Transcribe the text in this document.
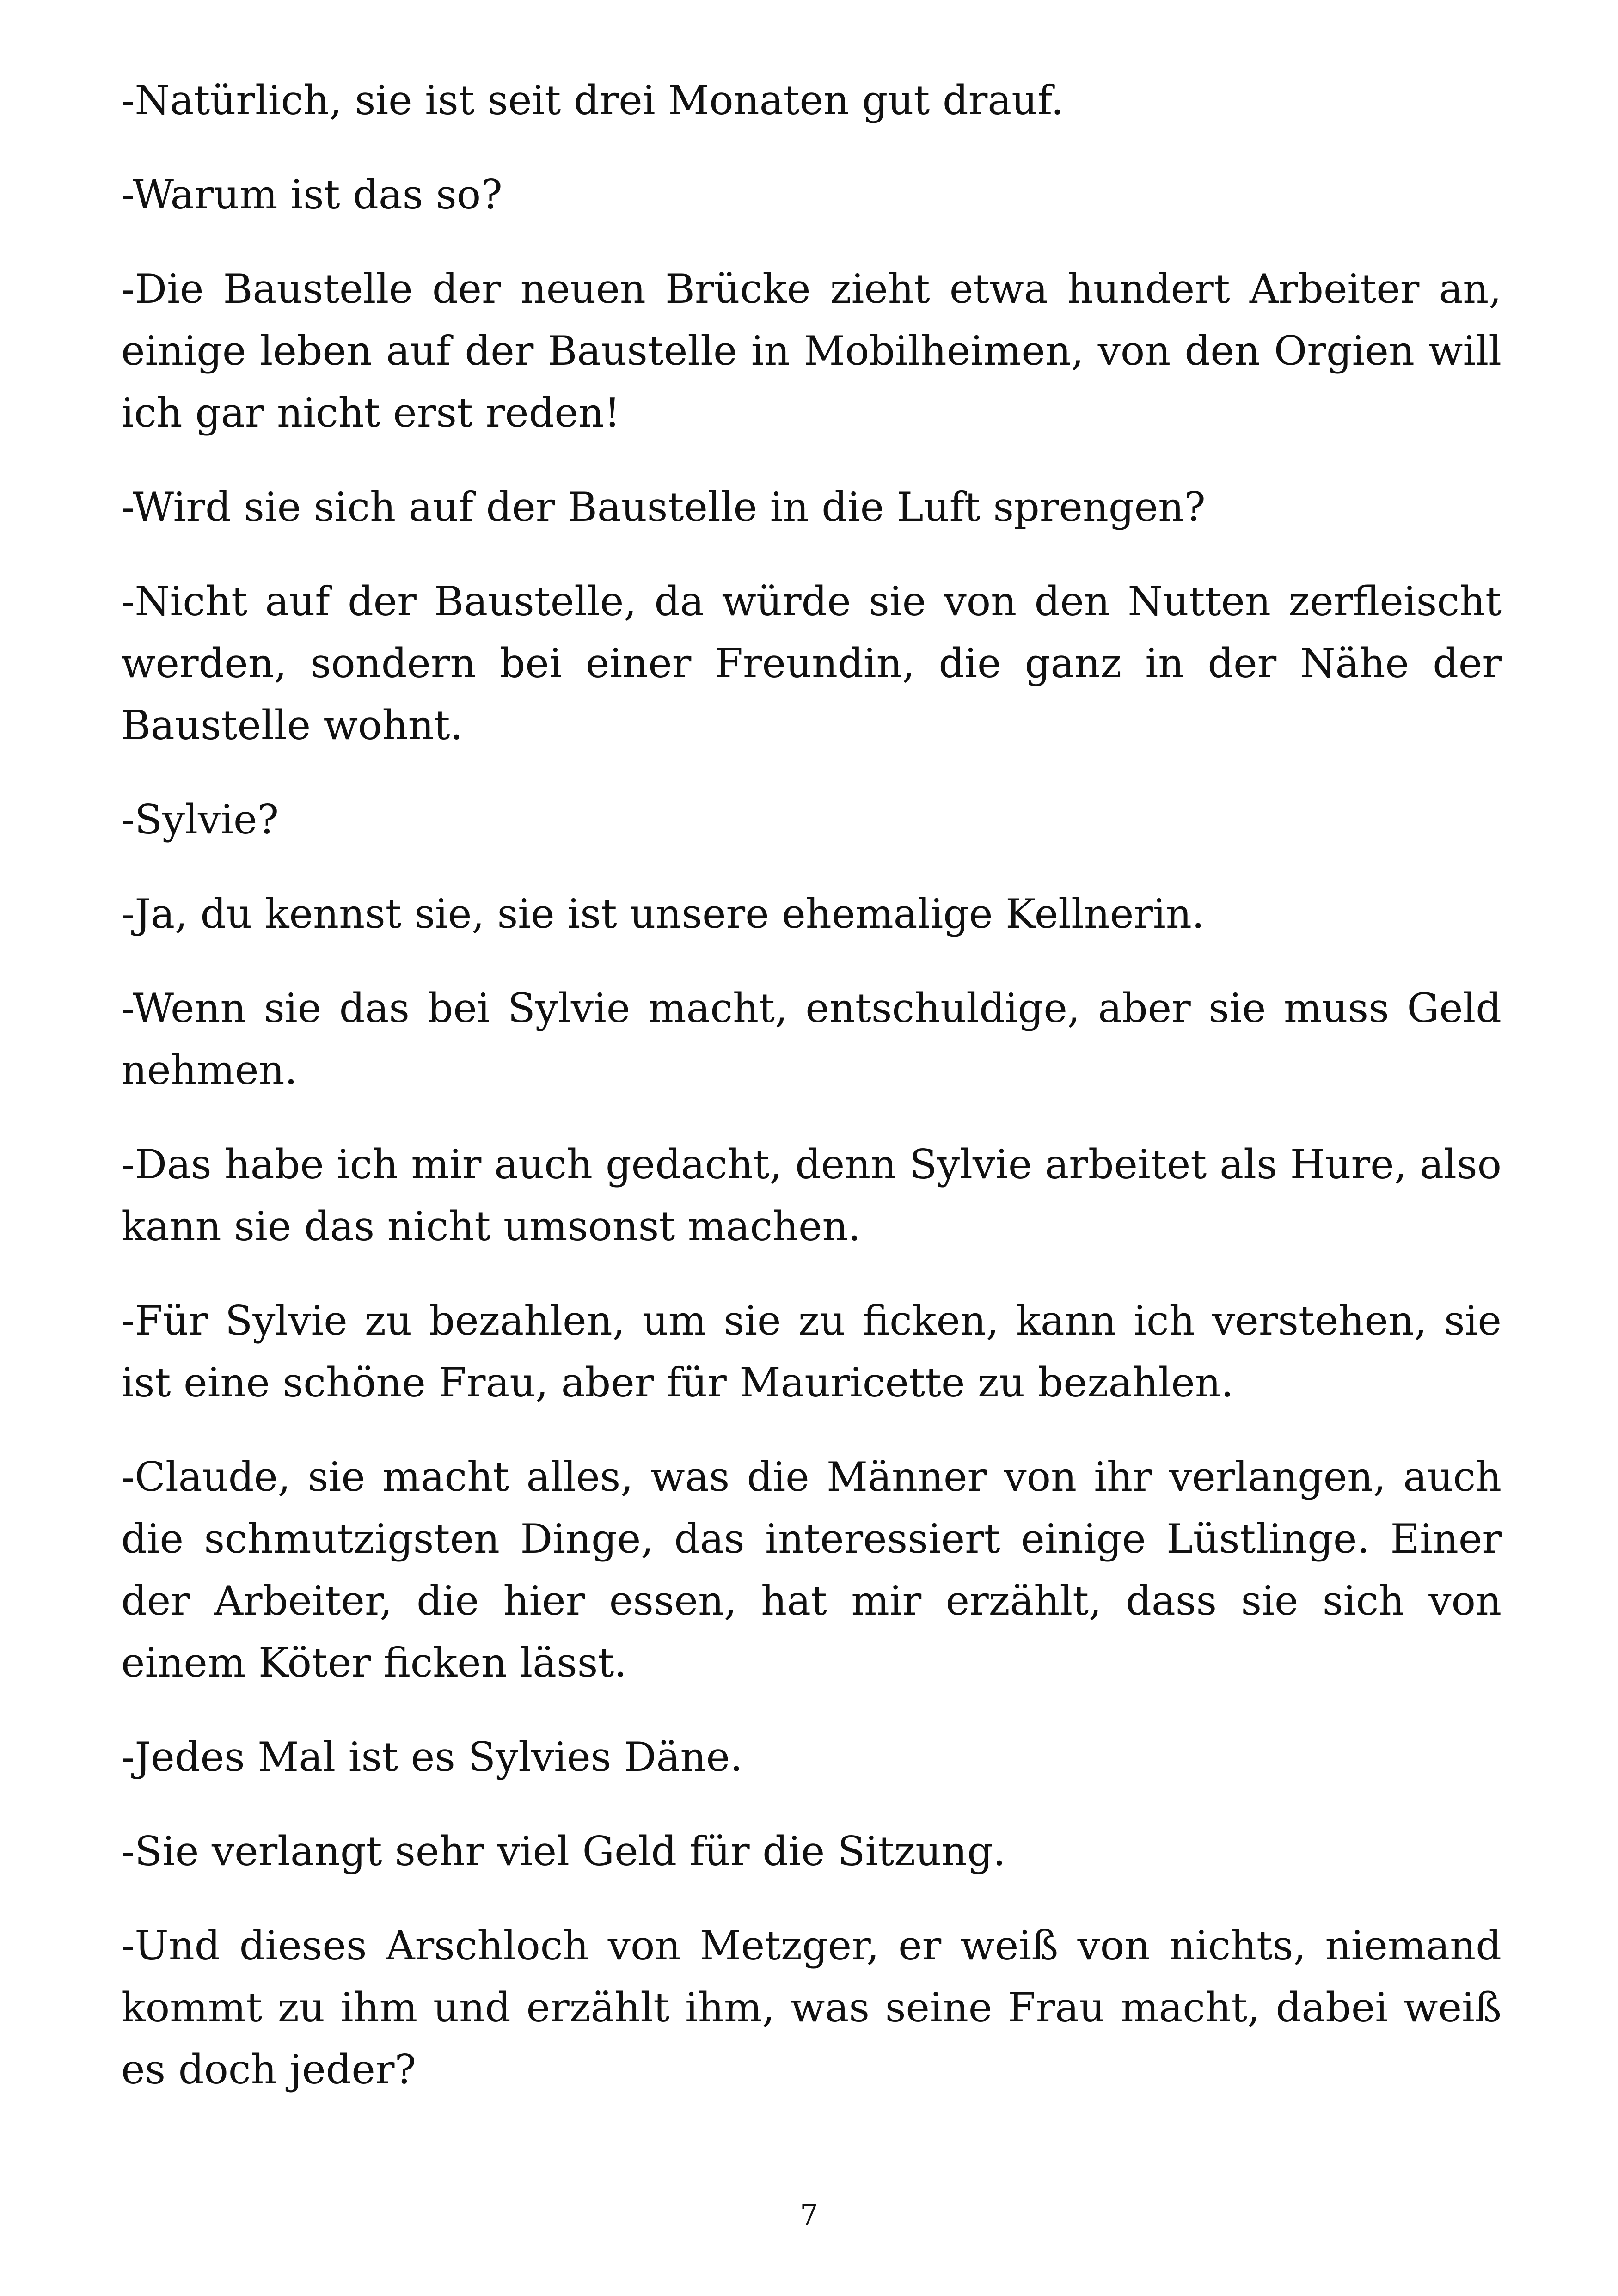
-Natürlich, sie ist seit drei Monaten gut drauf.

-Warum ist das so?

-Die Baustelle der neuen Brücke zieht etwa hundert Arbeiter an, einige leben auf der Baustelle in Mobilheimen, von den Orgien will ich gar nicht erst reden!

-Wird sie sich auf der Baustelle in die Luft sprengen?

-Nicht auf der Baustelle, da würde sie von den Nutten zerfleischt werden, sondern bei einer Freundin, die ganz in der Nähe der Baustelle wohnt.

-Sylvie?

-Ja, du kennst sie, sie ist unsere ehemalige Kellnerin.

-Wenn sie das bei Sylvie macht, entschuldige, aber sie muss Geld nehmen.

-Das habe ich mir auch gedacht, denn Sylvie arbeitet als Hure, also kann sie das nicht umsonst machen.

-Für Sylvie zu bezahlen, um sie zu ficken, kann ich verstehen, sie ist eine schöne Frau, aber für Mauricette zu bezahlen.

-Claude, sie macht alles, was die Männer von ihr verlangen, auch die schmutzigsten Dinge, das interessiert einige Lüstlinge. Einer der Arbeiter, die hier essen, hat mir erzählt, dass sie sich von einem Köter ficken lässt.

-Jedes Mal ist es Sylvies Däne.

-Sie verlangt sehr viel Geld für die Sitzung.

-Und dieses Arschloch von Metzger, er weiß von nichts, niemand kommt zu ihm und erzählt ihm, was seine Frau macht, dabei weiß es doch jeder?

7
